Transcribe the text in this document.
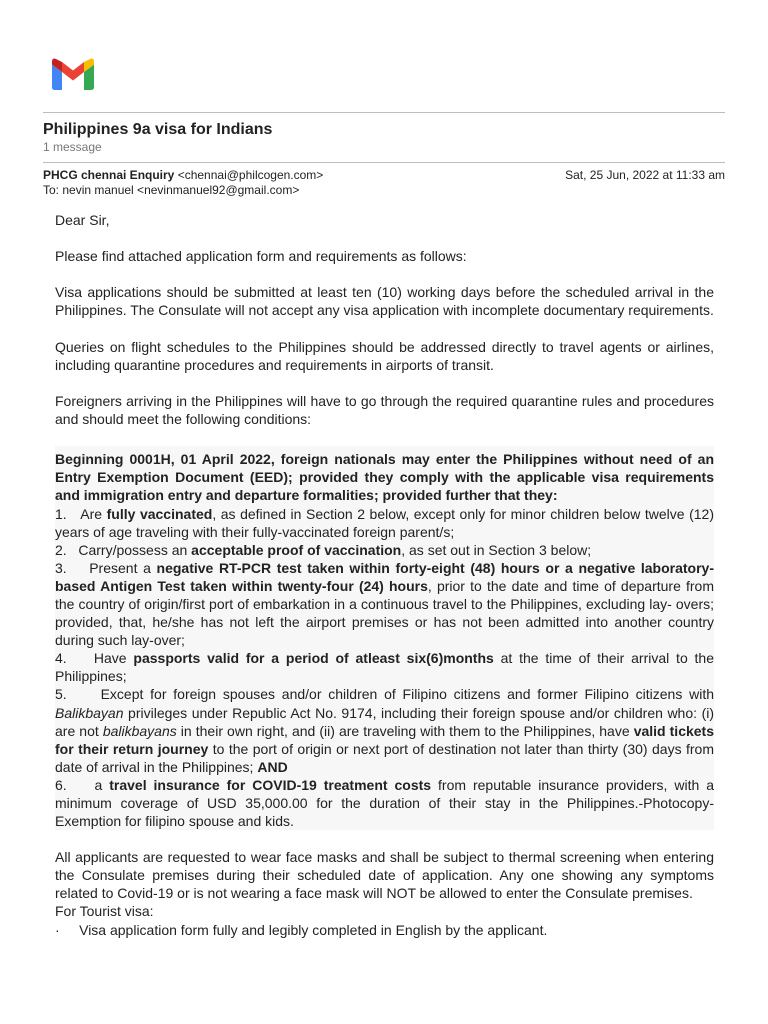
Philippines 9a visa for Indians
1 message
PHCG chennai Enquiry <chennai@philcogen.com>
To: nevin manuel <nevinmanuel92@gmail.com>
Sat, 25 Jun, 2022 at 11:33 am

Dear Sir,

Please find attached application form and requirements as follows:

Visa applications should be submitted at least ten (10) working days before the scheduled arrival in the Philippines. The Consulate will not accept any visa application with incomplete documentary requirements.

Queries on flight schedules to the Philippines should be addressed directly to travel agents or airlines, including quarantine procedures and requirements in airports of transit.

Foreigners arriving in the Philippines will have to go through the required quarantine rules and procedures and should meet the following conditions:

Beginning 0001H, 01 April 2022, foreign nationals may enter the Philippines without need of an Entry Exemption Document (EED); provided they comply with the applicable visa requirements and immigration entry and departure formalities; provided further that they:
1.   Are fully vaccinated, as defined in Section 2 below, except only for minor children below twelve (12) years of age traveling with their fully-vaccinated foreign parent/s;
2.   Carry/possess an acceptable proof of vaccination, as set out in Section 3 below;
3.    Present a negative RT-PCR test taken within forty-eight (48) hours or a negative laboratory-based Antigen Test taken within twenty-four (24) hours, prior to the date and time of departure from the country of origin/first port of embarkation in a continuous travel to the Philippines, excluding lay- overs; provided, that, he/she has not left the airport premises or has not been admitted into another country during such lay-over;
4.    Have passports valid for a period of atleast six(6)months at the time of their arrival to the Philippines;
5.     Except for foreign spouses and/or children of Filipino citizens and former Filipino citizens with Balikbayan privileges under Republic Act No. 9174, including their foreign spouse and/or children who: (i) are not balikbayans in their own right, and (ii) are traveling with them to the Philippines, have valid tickets for their return journey to the port of origin or next port of destination not later than thirty (30) days from date of arrival in the Philippines; AND
6.    a travel insurance for COVID-19 treatment costs from reputable insurance providers, with a minimum coverage of USD 35,000.00 for the duration of their stay in the Philippines.-Photocopy-Exemption for filipino spouse and kids.
All applicants are requested to wear face masks and shall be subject to thermal screening when entering the Consulate premises during their scheduled date of application. Any one showing any symptoms related to Covid-19 or is not wearing a face mask will NOT be allowed to enter the Consulate premises.
For Tourist visa:
·     Visa application form fully and legibly completed in English by the applicant.
